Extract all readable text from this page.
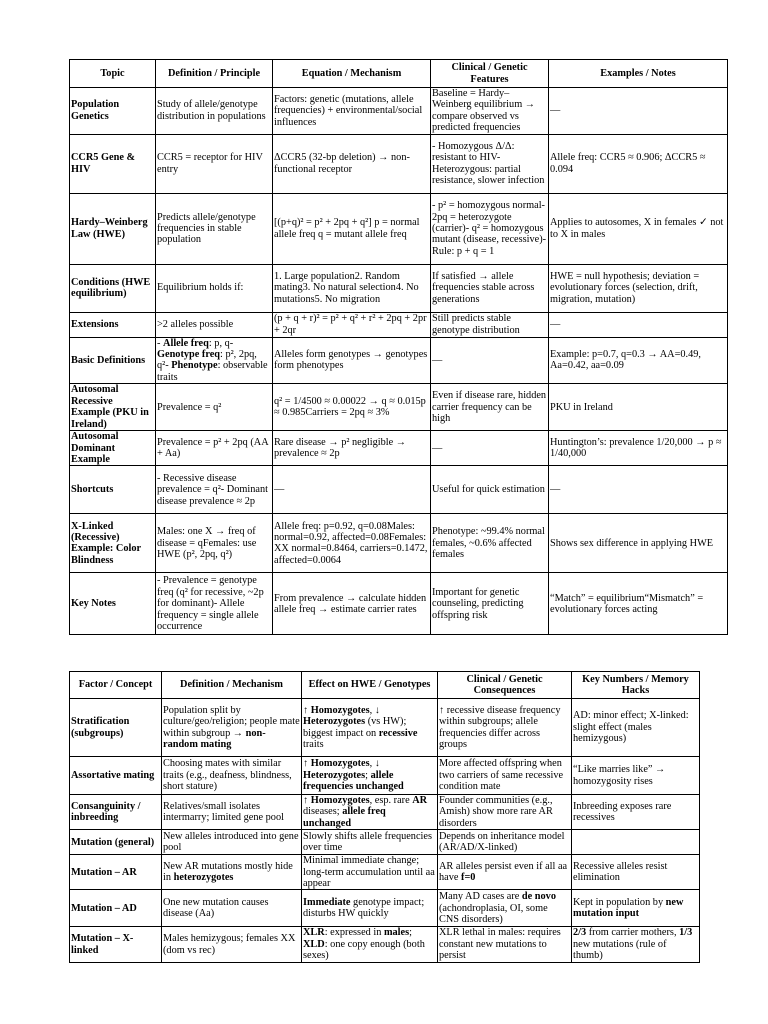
Topic	Definition / Principle	Equation / Mechanism	Clinical / Genetic Features	Examples / Notes
Population Genetics	Study of allele/genotype distribution in populations	Factors: genetic (mutations, allele frequencies) + environmental/social influences	Baseline = Hardy–Weinberg equilibrium → compare observed vs predicted frequencies	—
CCR5 Gene & HIV	CCR5 = receptor for HIV entry	ΔCCR5 (32-bp deletion) → non-functional receptor	- Homozygous Δ/Δ: resistant to HIV- Heterozygous: partial resistance, slower infection	Allele freq: CCR5 ≈ 0.906; ΔCCR5 ≈ 0.094
Hardy–Weinberg Law (HWE)	Predicts allele/genotype frequencies in stable population	[(p+q)² = p² + 2pq + q²] p = normal allele freq q = mutant allele freq	- p² = homozygous normal- 2pq = heterozygote (carrier)- q² = homozygous mutant (disease, recessive)- Rule: p + q = 1	Applies to autosomes, X in females ✓ not to X in males
Conditions (HWE equilibrium)	Equilibrium holds if:	1. Large population2. Random mating3. No natural selection4. No mutations5. No migration	If satisfied → allele frequencies stable across generations	HWE = null hypothesis; deviation = evolutionary forces (selection, drift, migration, mutation)
Extensions	>2 alleles possible	(p + q + r)² = p² + q² + r² + 2pq + 2pr + 2qr	Still predicts stable genotype distribution	—
Basic Definitions	- Allele freq: p, q- Genotype freq: p², 2pq, q²- Phenotype: observable traits	Alleles form genotypes → genotypes form phenotypes	—	Example: p=0.7, q=0.3 → AA=0.49, Aa=0.42, aa=0.09
Autosomal Recessive Example (PKU in Ireland)	Prevalence = q²	q² = 1/4500 ≈ 0.00022 → q ≈ 0.015p ≈ 0.985Carriers = 2pq ≈ 3%	Even if disease rare, hidden carrier frequency can be high	PKU in Ireland
Autosomal Dominant Example	Prevalence = p² + 2pq (AA + Aa)	Rare disease → p² negligible → prevalence ≈ 2p	—	Huntington’s: prevalence 1/20,000 → p ≈ 1/40,000
Shortcuts	- Recessive disease prevalence = q²- Dominant disease prevalence ≈ 2p	—	Useful for quick estimation	—
X-Linked (Recessive) Example: Color Blindness	Males: one X → freq of disease = qFemales: use HWE (p², 2pq, q²)	Allele freq: p=0.92, q=0.08Males: normal=0.92, affected=0.08Females: XX normal=0.8464, carriers=0.1472, affected=0.0064	Phenotype: ~99.4% normal females, ~0.6% affected females	Shows sex difference in applying HWE
Key Notes	- Prevalence = genotype freq (q² for recessive, ~2p for dominant)- Allele frequency = single allele occurrence	From prevalence → calculate hidden allele freq → estimate carrier rates	Important for genetic counseling, predicting offspring risk	“Match” = equilibrium“Mismatch” = evolutionary forces acting
Factor / Concept	Definition / Mechanism	Effect on HWE / Genotypes	Clinical / Genetic Consequences	Key Numbers / Memory Hacks
Stratification (subgroups)	Population split by culture/geo/religion; people mate within subgroup → non-random mating	↑ Homozygotes, ↓ Heterozygotes (vs HW); biggest impact on recessive traits	↑ recessive disease frequency within subgroups; allele frequencies differ across groups	AD: minor effect; X-linked: slight effect (males hemizygous)
Assortative mating	Choosing mates with similar traits (e.g., deafness, blindness, short stature)	↑ Homozygotes, ↓ Heterozygotes; allele frequencies unchanged	More affected offspring when two carriers of same recessive condition mate	“Like marries like” → homozygosity rises
Consanguinity / inbreeding	Relatives/small isolates intermarry; limited gene pool	↑ Homozygotes, esp. rare AR diseases; allele freq unchanged	Founder communities (e.g., Amish) show more rare AR disorders	Inbreeding exposes rare recessives
Mutation (general)	New alleles introduced into gene pool	Slowly shifts allele frequencies over time	Depends on inheritance model (AR/AD/X-linked)	
Mutation – AR	New AR mutations mostly hide in heterozygotes	Minimal immediate change; long-term accumulation until aa appear	AR alleles persist even if all aa have f=0	Recessive alleles resist elimination
Mutation – AD	One new mutation causes disease (Aa)	Immediate genotype impact; disturbs HW quickly	Many AD cases are de novo (achondroplasia, OI, some CNS disorders)	Kept in population by new mutation input
Mutation – X-linked	Males hemizygous; females XX (dom vs rec)	XLR: expressed in males; XLD: one copy enough (both sexes)	XLR lethal in males: requires constant new mutations to persist	2/3 from carrier mothers, 1/3 new mutations (rule of thumb)
